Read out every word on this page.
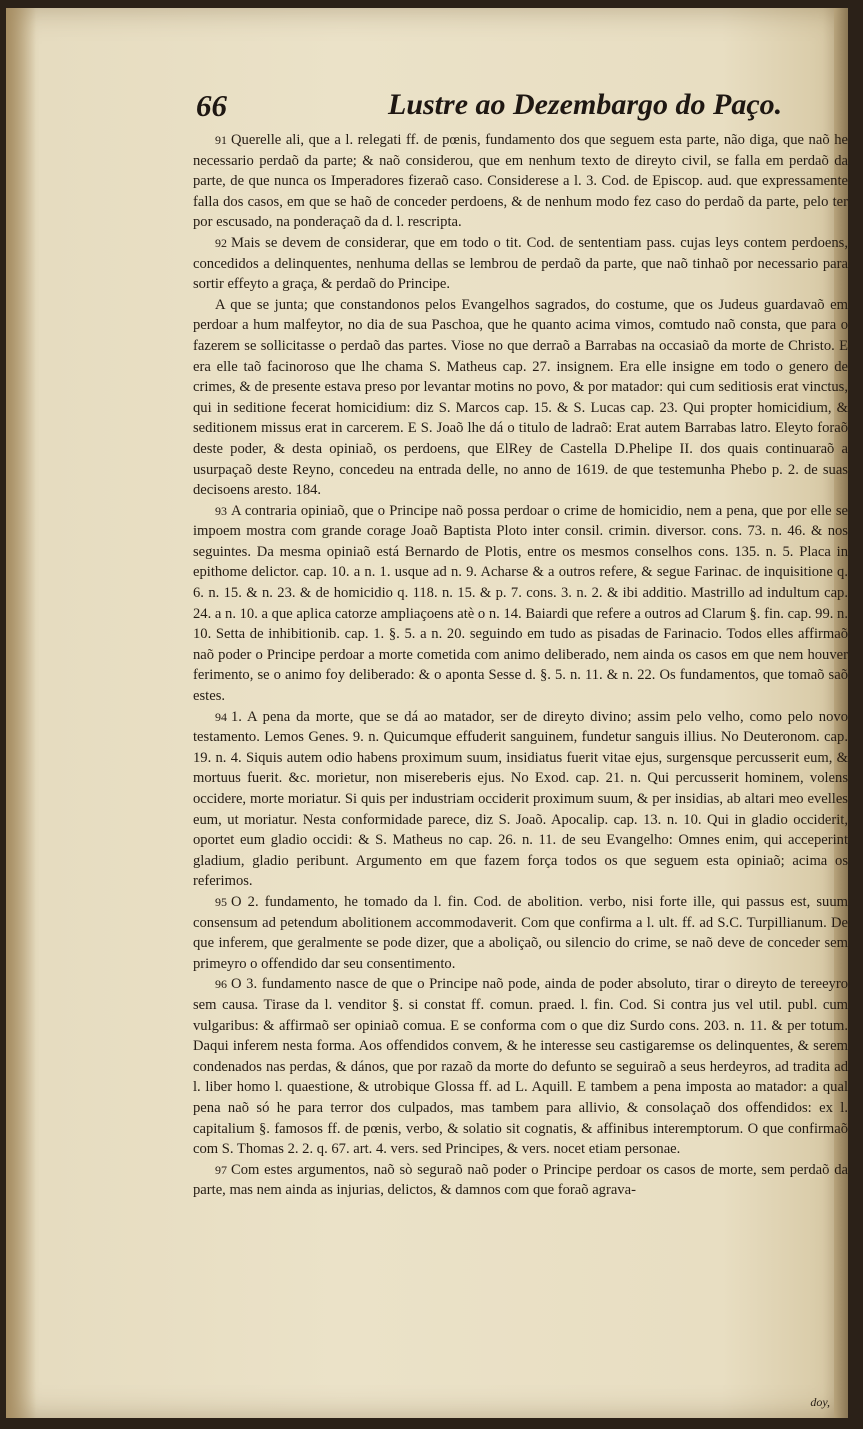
66	Lustre ao Dezembargo do Paço.

91 Querelle ali, que a l. relegati ff. de pœnis, fundamento dos que seguem esta parte, não diga, que naõ he necessario perdaõ da parte; & naõ considerou, que em nenhum texto de direyto civil, se falla em perdaõ da parte, de que nunca os Imperadores fizeraõ caso. Considerese a l. 3. Cod. de Episcop. aud. que expressamente falla dos casos, em que se haõ de conceder perdoens, & de nenhum modo fez caso do perdaõ da parte, pelo ter por escusado, na ponderaçaõ da d. l. rescripta.

92 Mais se devem de considerar, que em todo o tit. Cod. de sententiam pass. cujas leys contem perdoens, concedidos a delinquentes, nenhuma dellas se lembrou de perdaõ da parte, que naõ tinhaõ por necessario para sortir effeyto a graça, & perdaõ do Principe.

A que se junta; que constandonos pelos Evangelhos sagrados, do costume, que os Judeus guardavaõ em perdoar a hum malfeytor, no dia de sua Paschoa, que he quanto acima vimos, comtudo naõ consta, que para o fazerem se sollicitasse o perdaõ das partes. Viose no que derraõ a Barrabas na occasiaõ da morte de Christo. E era elle taõ facinoroso que lhe chama S. Matheus cap. 27. insignem. Era elle insigne em todo o genero de crimes, & de presente estava preso por levantar motins no povo, & por matador: qui cum seditiosis erat vinctus, qui in seditione fecerat homicidium: diz S. Marcos cap. 15. & S. Lucas cap. 23. Qui propter homicidium, & seditionem missus erat in carcerem. E S. Joaõ lhe dá o titulo de ladraõ: Erat autem Barrabas latro. Eleyto foraõ deste poder, & desta opiniaõ, os perdoens, que ElRey de Castella D.Phelipe II. dos quais continuaraõ a usurpaçaõ deste Reyno, concedeu na entrada delle, no anno de 1619. de que testemunha Phebo p. 2. de suas decisoens aresto. 184.

93 A contraria opiniaõ, que o Principe naõ possa perdoar o crime de homicidio, nem a pena, que por elle se impoem mostra com grande corage Joaõ Baptista Ploto inter consil. crimin. diversor. cons. 73. n. 46. & nos seguintes. Da mesma opiniaõ está Bernardo de Plotis, entre os mesmos conselhos cons. 135. n. 5. Placa in epithome delictor. cap. 10. a n. 1. usque ad n. 9. Acharse & a outros refere, & segue Farinac. de inquisitione q. 6. n. 15. & n. 23. & de homicidio q. 118. n. 15. & p. 7. cons. 3. n. 2. & ibi additio. Mastrillo ad indultum cap. 24. a n. 10. a que aplica catorze ampliaçoens atè o n. 14. Baiardi que refere a outros ad Clarum §. fin. cap. 99. n. 10. Setta de inhibitionib. cap. 1. §. 5. a n. 20. seguindo em tudo as pisadas de Farinacio. Todos elles affirmaõ naõ poder o Principe perdoar a morte cometida com animo deliberado, nem ainda os casos em que nem houver ferimento, se o animo foy deliberado: & o aponta Sesse d. §. 5. n. 11. & n. 22. Os fundamentos, que tomaõ saõ estes.

94 1. A pena da morte, que se dá ao matador, ser de direyto divino; assim pelo velho, como pelo novo testamento. Lemos Genes. 9. n. Quicumque effuderit sanguinem, fundetur sanguis illius. No Deuteronom. cap. 19. n. 4. Siquis autem odio habens proximum suum, insidiatus fuerit vitae ejus, surgensque percusserit eum, & mortuus fuerit. &c. morietur, non misereberis ejus. No Exod. cap. 21. n. Qui percusserit hominem, volens occidere, morte moriatur. Si quis per industriam occiderit proximum suum, & per insidias, ab altari meo evelles eum, ut moriatur. Nesta conformidade parece, diz S. Joaõ. Apocalip. cap. 13. n. 10. Qui in gladio occiderit, oportet eum gladio occidi: & S. Matheus no cap. 26. n. 11. de seu Evangelho: Omnes enim, qui acceperint gladium, gladio peribunt. Argumento em que fazem força todos os que seguem esta opiniaõ; acima os referimos.

95 O 2. fundamento, he tomado da l. fin. Cod. de abolition. verbo, nisi forte ille, qui passus est, suum consensum ad petendum abolitionem accommodaverit. Com que confirma a l. ult. ff. ad S.C. Turpillianum. De que inferem, que geralmente se pode dizer, que a aboliçaõ, ou silencio do crime, se naõ deve de conceder sem primeyro o offendido dar seu consentimento.

96 O 3. fundamento nasce de que o Principe naõ pode, ainda de poder absoluto, tirar o direyto de tereeyro sem causa. Tirase da l. venditor §. si constat ff. comun. praed. l. fin. Cod. Si contra jus vel util. publ. cum vulgaribus: & affirmaõ ser opiniaõ comua. E se conforma com o que diz Surdo cons. 203. n. 11. & per totum. Daqui inferem nesta forma. Aos offendidos convem, & he interesse seu castigaremse os delinquentes, & serem condenados nas perdas, & dános, que por razaõ da morte do defunto se seguiraõ a seus herdeyros, ad tradita ad l. liber homo l. quaestione, & utrobique Glossa ff. ad L. Aquill. E tambem a pena imposta ao matador: a qual pena naõ só he para terror dos culpados, mas tambem para allivio, & consolaçaõ dos offendidos: ex l. capitalium §. famosos ff. de pœnis, verbo, & solatio sit cognatis, & affinibus interemptorum. O que confirmaõ com S. Thomas 2. 2. q. 67. art. 4. vers. sed Principes, & vers. nocet etiam personae.

97 Com estes argumentos, naõ sò seguraõ naõ poder o Principe perdoar os casos de morte, sem perdaõ da parte, mas nem ainda as injurias, delictos, & damnos com que foraõ agrava-

doy,
